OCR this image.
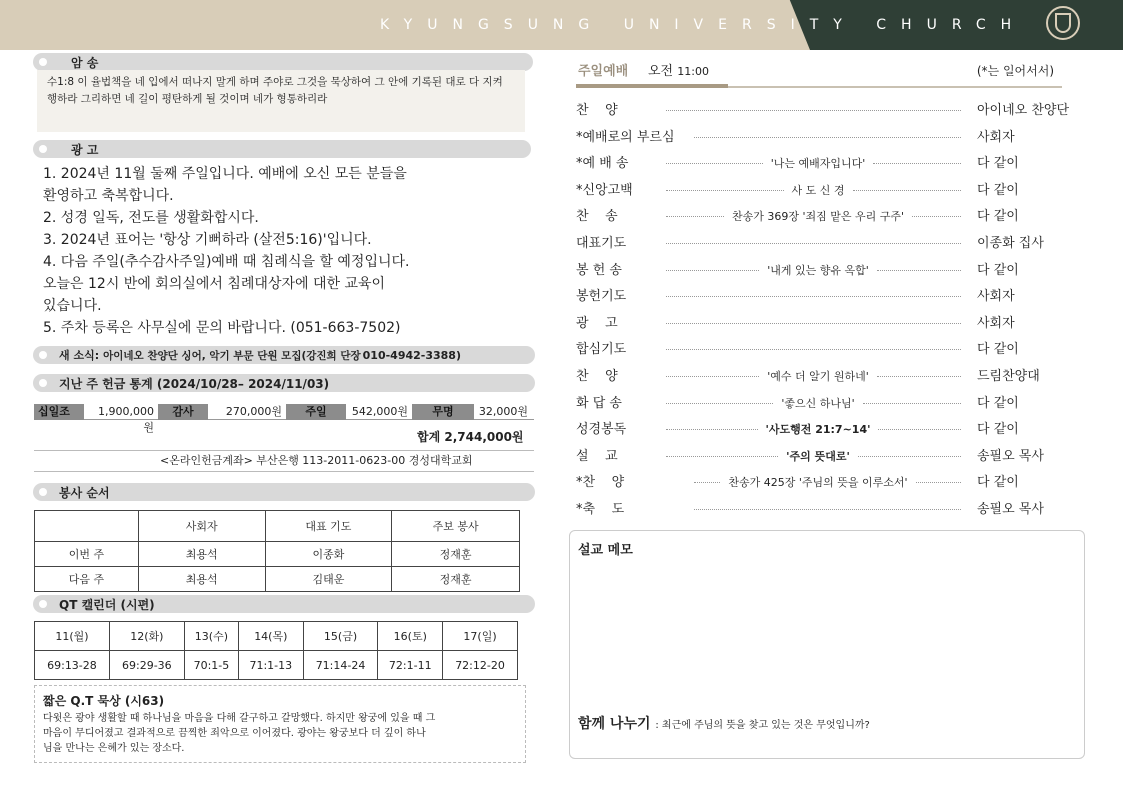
KYUNGSUNG UNIVERSITY CHURCH
암 송
수1:8 이 율법책을 네 입에서 떠나지 말게 하며 주야로 그것을 묵상하여 그 안에 기록된 대로 다 지켜 행하라 그리하면 네 길이 평탄하게 될 것이며 네가 형통하리라
광 고
1. 2024년 11월 둘째 주일입니다. 예배에 오신 모든 분들을
환영하고 축복합니다.
2. 성경 일독, 전도를 생활화합시다.
3. 2024년 표어는 '항상 기뻐하라 (살전5:16)'입니다.
4. 다음 주일(추수감사주일)예배 때 침례식을 할 예정입니다.
오늘은 12시 반에 회의실에서 침례대상자에 대한 교육이
있습니다.
5. 주차 등록은 사무실에 문의 바랍니다. (051-663-7502)
새 소식: 아이네오 찬양단 싱어, 악기 부문 단원 모집(강진희 단장 010-4942-3388)
지난 주 헌금 통계 (2024/10/28– 2024/11/03)
십일조	1,900,000원
감사	270,000원	주일	542,000원	무명	32,000원
합계 2,744,000원
<온라인헌금계좌> 부산은행 113-2011-0623-00 경성대학교회
봉사 순서
	사회자	대표 기도	주보 봉사
이번 주	최용석	이종화	정재훈
다음 주	최용석	김태운	정재훈
QT 캘린더 (시편)
11(월)	12(화)	13(수)	14(목)	15(금)	16(토)	17(일)
69:13-28	69:29-36	70:1-5	71:1-13	71:14-24	72:1-11	72:12-20
짧은 Q.T 묵상 (시63)
다윗은 광야 생활할 때 하나님을 마음을 다해 갈구하고 갈망했다. 하지만 왕궁에 있을 때 그
마음이 무디어졌고 결과적으로 끔찍한 죄악으로 이어졌다. 광야는 왕궁보다 더 깊이 하나
님을 만나는 은혜가 있는 장소다.
주일예배 오전 11:00	(*는 일어서서)
찬    양	아이네오 찬양단
*예배로의 부르심	사회자
*예 배 송	다 같이
'나는 예배자입니다'
*신앙고백	다 같이
사 도 신 경
찬    송	다 같이
찬송가 369장 '죄짐 맡은 우리 구주'
대표기도	이종화 집사
봉 헌 송	다 같이
'내게 있는 향유 옥합'
봉헌기도	사회자
광    고	사회자
합심기도	다 같이
찬    양	드림찬양대
'예수 더 알기 원하네'
화 답 송	다 같이
'좋으신 하나님'
성경봉독	다 같이
'사도행전 21:7~14'
설    교	송필오 목사
'주의 뜻대로'
*찬    양	다 같이
찬송가 425장 '주님의 뜻을 이루소서'
*축    도	송필오 목사
설교 메모
함께 나누기 : 최근에 주님의 뜻을 찾고 있는 것은 무엇입니까?
